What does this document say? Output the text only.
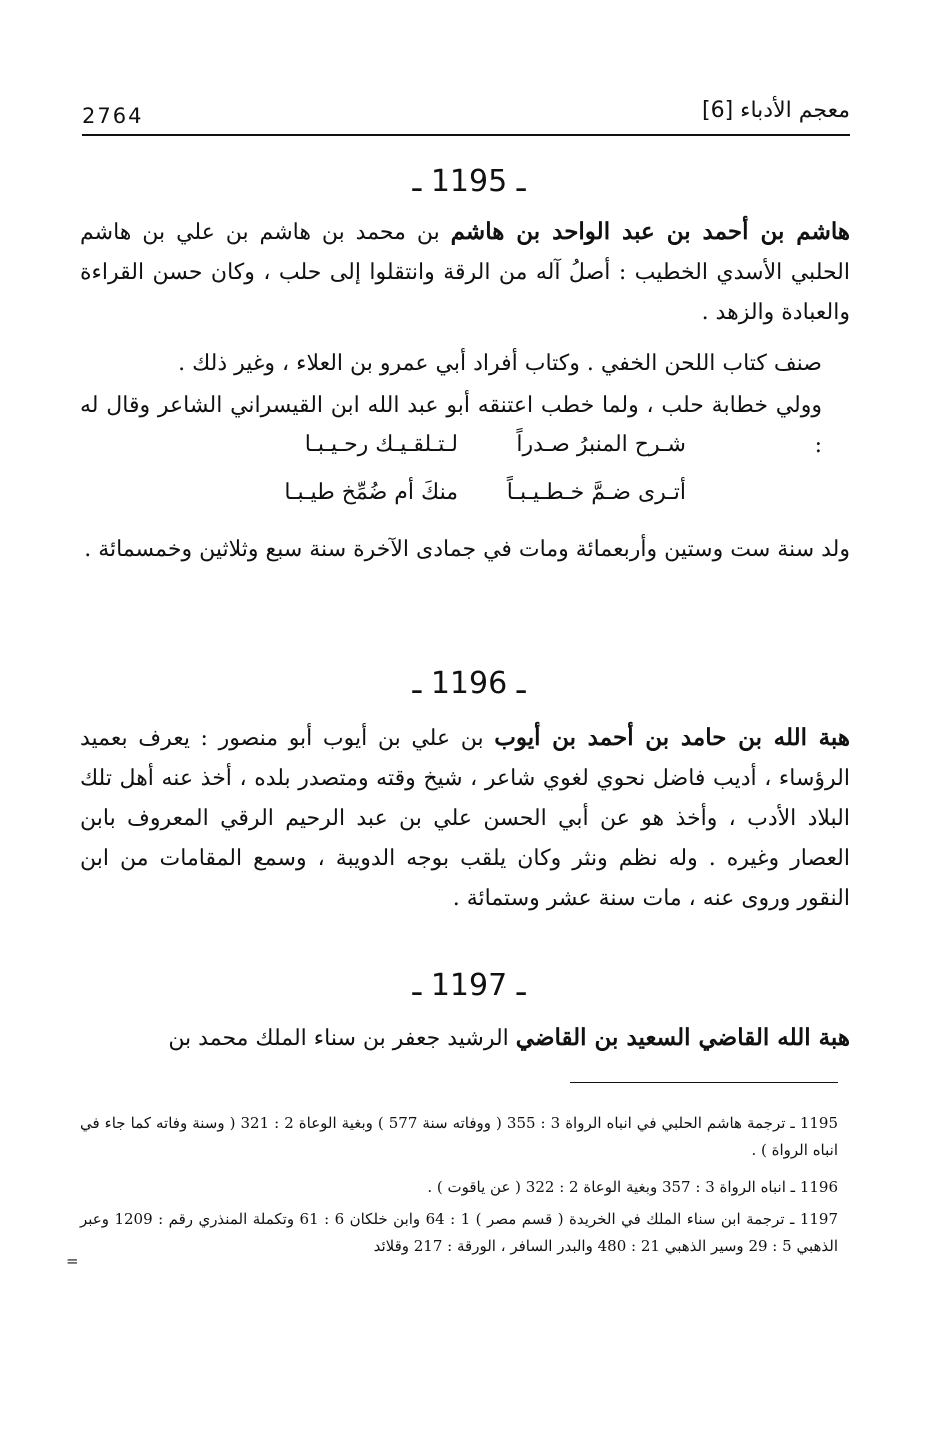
2764	معجم الأدباء [6]
ـ 1195 ـ
هاشم بن أحمد بن عبد الواحد بن هاشم بن محمد بن هاشم بن علي بن هاشم الحلبي الأسدي الخطيب : أصلُ آله من الرقة وانتقلوا إلى حلب ، وكان حسن القراءة والعبادة والزهد .
صنف كتاب اللحن الخفي . وكتاب أفراد أبي عمرو بن العلاء ، وغير ذلك .
وولي خطابة حلب ، ولما خطب اعتنقه أبو عبد الله ابن القيسراني الشاعر وقال له :
شـرح المنبرُ صـدراً
لـتـلقـيـك رحـيـبـا
أتـرى ضـمَّ خـطـيـبـاً
منكَ أم ضُمِّخ طيـبـا
ولد سنة ست وستين وأربعمائة ومات في جمادى الآخرة سنة سبع وثلاثين وخمسمائة .
ـ 1196 ـ
هبة الله بن حامد بن أحمد بن أيوب بن علي بن أيوب أبو منصور : يعرف بعميد الرؤساء ، أديب فاضل نحوي لغوي شاعر ، شيخ وقته ومتصدر بلده ، أخذ عنه أهل تلك البلاد الأدب ، وأخذ هو عن أبي الحسن علي بن عبد الرحيم الرقي المعروف بابن العصار وغيره . وله نظم ونثر وكان يلقب بوجه الدويبة ، وسمع المقامات من ابن النقور وروى عنه ، مات سنة عشر وستمائة .
ـ 1197 ـ
هبة الله القاضي السعيد بن القاضي الرشيد جعفر بن سناء الملك محمد بن
1195 ـ ترجمة هاشم الحلبي في انباه الرواة 3 : 355 ( ووفاته سنة 577 ) وبغية الوعاة 2 : 321 ( وسنة وفاته كما جاء في انباه الرواة ) .
1196 ـ انباه الرواة 3 : 357 وبغية الوعاة 2 : 322 ( عن ياقوت ) .
1197 ـ ترجمة ابن سناء الملك في الخريدة ( قسم مصر ) 1 : 64 وابن خلكان 6 : 61 وتكملة المنذري رقم : 1209 وعبر الذهبي 5 : 29 وسير الذهبي 21 : 480 والبدر السافر ، الورقة : 217 وقلائد
=
